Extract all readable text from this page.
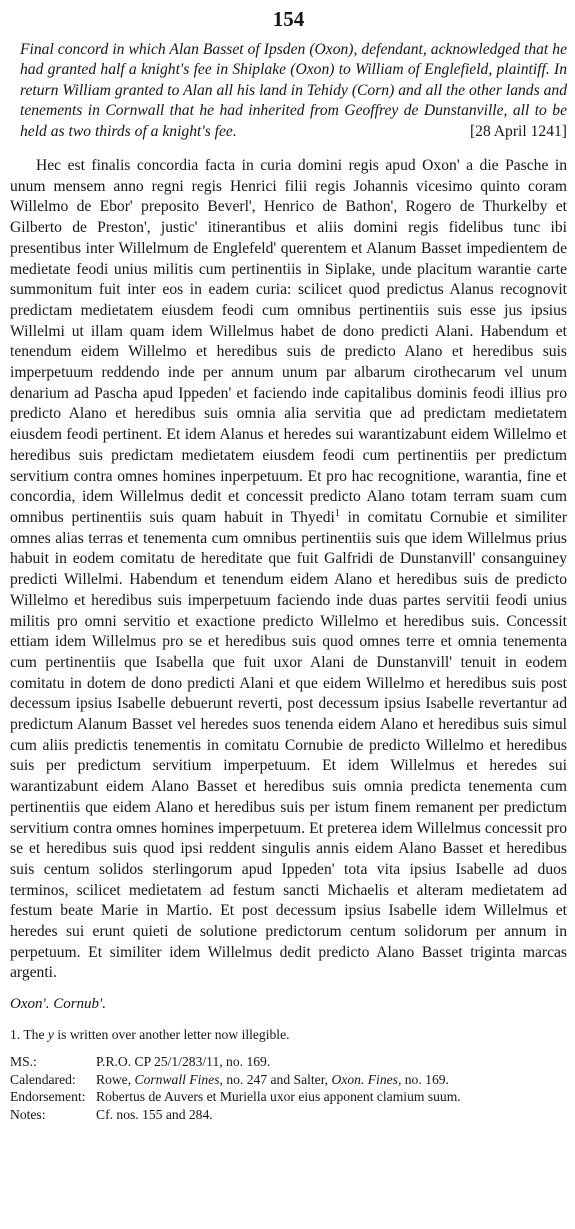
154
Final concord in which Alan Basset of Ipsden (Oxon), defendant, acknowledged that he had granted half a knight's fee in Shiplake (Oxon) to William of Englefield, plaintiff. In return William granted to Alan all his land in Tehidy (Corn) and all the other lands and tenements in Cornwall that he had inherited from Geoffrey de Dunstanville, all to be held as two thirds of a knight's fee.	[28 April 1241]
Hec est finalis concordia facta in curia domini regis apud Oxon' a die Pasche in unum mensem anno regni regis Henrici filii regis Johannis vicesimo quinto coram Willelmo de Ebor' preposito Beverl', Henrico de Bathon', Rogero de Thurkelby et Gilberto de Preston', justic' itinerantibus et aliis domini regis fidelibus tunc ibi presentibus inter Willelmum de Englefeld' querentem et Alanum Basset impedientem de medietate feodi unius militis cum pertinentiis in Siplake, unde placitum warantie carte summonitum fuit inter eos in eadem curia: scilicet quod predictus Alanus recognovit predictam medietatem eiusdem feodi cum omnibus pertinentiis suis esse jus ipsius Willelmi ut illam quam idem Willelmus habet de dono predicti Alani. Habendum et tenendum eidem Willelmo et heredibus suis de predicto Alano et heredibus suis imperpetuum reddendo inde per annum unum par albarum cirothecarum vel unum denarium ad Pascha apud Ippeden' et faciendo inde capitalibus dominis feodi illius pro predicto Alano et heredibus suis omnia alia servitia que ad predictam medietatem eiusdem feodi pertinent. Et idem Alanus et heredes sui warantizabunt eidem Willelmo et heredibus suis predictam medietatem eiusdem feodi cum pertinentiis per predictum servitium contra omnes homines inperpetuum. Et pro hac recognitione, warantia, fine et concordia, idem Willelmus dedit et concessit predicto Alano totam terram suam cum omnibus pertinentiis suis quam habuit in Thyedi$^1$ in comitatu Cornubie et similiter omnes alias terras et tenementa cum omnibus pertinentiis suis que idem Willelmus prius habuit in eodem comitatu de hereditate que fuit Galfridi de Dunstanvill' consanguiney predicti Willelmi. Habendum et tenendum eidem Alano et heredibus suis de predicto Willelmo et heredibus suis imperpetuum faciendo inde duas partes servitii feodi unius militis pro omni servitio et exactione predicto Willelmo et heredibus suis. Concessit ettiam idem Willelmus pro se et heredibus suis quod omnes terre et omnia tenementa cum pertinentiis que Isabella que fuit uxor Alani de Dunstanvill' tenuit in eodem comitatu in dotem de dono predicti Alani et que eidem Willelmo et heredibus suis post decessum ipsius Isabelle debuerunt reverti, post decessum ipsius Isabelle revertantur ad predictum Alanum Basset vel heredes suos tenenda eidem Alano et heredibus suis simul cum aliis predictis tenementis in comitatu Cornubie de predicto Willelmo et heredibus suis per predictum servitium imperpetuum. Et idem Willelmus et heredes sui warantizabunt eidem Alano Basset et heredibus suis omnia predicta tenementa cum pertinentiis que eidem Alano et heredibus suis per istum finem remanent per predictum servitium contra omnes homines imperpetuum. Et preterea idem Willelmus concessit pro se et heredibus suis quod ipsi reddent singulis annis eidem Alano Basset et heredibus suis centum solidos sterlingorum apud Ippeden' tota vita ipsius Isabelle ad duos terminos, scilicet medietatem ad festum sancti Michaelis et alteram medietatem ad festum beate Marie in Martio. Et post decessum ipsius Isabelle idem Willelmus et heredes sui erunt quieti de solutione predictorum centum solidorum per annum in perpetuum. Et similiter idem Willelmus dedit predicto Alano Basset triginta marcas argenti.
Oxon'. Cornub'.
1. The y is written over another letter now illegible.
MS.:	P.R.O. CP 25/1/283/11, no. 169.
Calendared:	Rowe, Cornwall Fines, no. 247 and Salter, Oxon. Fines, no. 169.
Endorsement: Robertus de Auvers et Muriella uxor eius apponent clamium suum.
Notes:	Cf. nos. 155 and 284.
